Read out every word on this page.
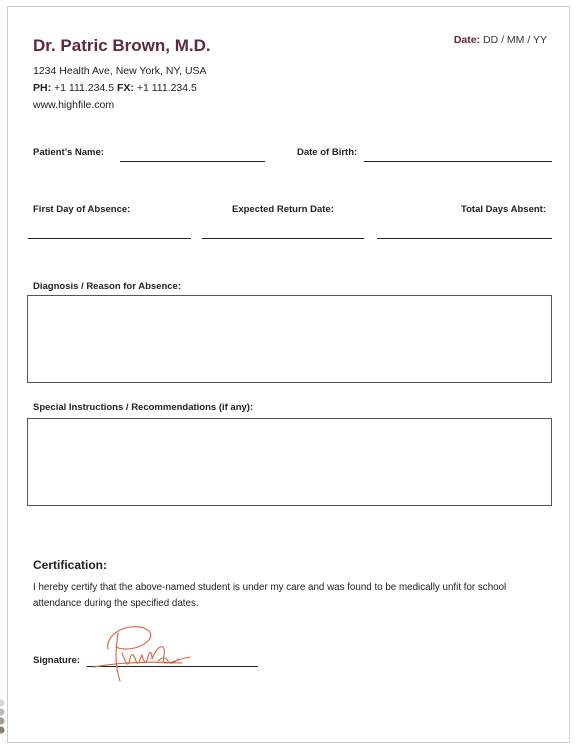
Dr. Patric Brown, M.D.
1234 Health Ave, New York, NY, USA
PH: +1 111.234.5 FX: +1 111.234.5
www.highfile.com
Date: DD / MM / YY
Patient’s Name:	Date of Birth:
First Day of Absence:	Expected Return Date:	Total Days Absent:
Diagnosis / Reason for Absence:
Special Instructions / Recommendations (if any):
Certification:
I hereby certify that the above-named student is under my care and was found to be medically unfit for school attendance during the specified dates.
Signature:
